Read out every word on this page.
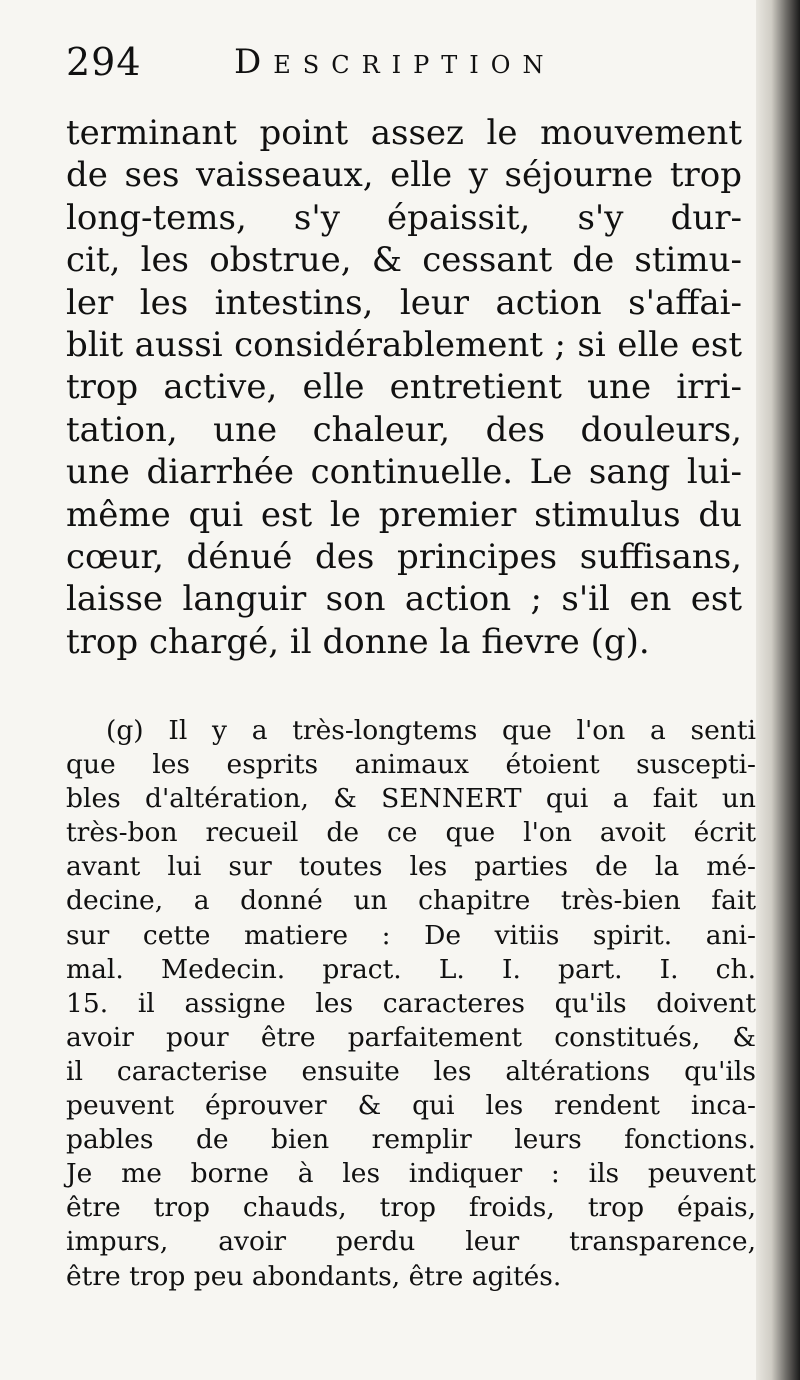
294	Description
terminant point assez le mouvement
de ses vaisseaux, elle y séjourne trop
long-tems, s'y épaissit, s'y dur-
cit, les obstrue, & cessant de stimu-
ler les intestins, leur action s'affai-
blit aussi considérablement ; si elle est
trop active, elle entretient une irri-
tation, une chaleur, des douleurs,
une diarrhée continuelle. Le sang lui-
même qui est le premier stimulus du
cœur, dénué des principes suffisans,
laisse languir son action ; s'il en est
trop chargé, il donne la fievre (g).
(g) Il y a très-longtems que l'on a senti
que les esprits animaux étoient suscepti-
bles d'altération, & SENNERT qui a fait un
très-bon recueil de ce que l'on avoit écrit
avant lui sur toutes les parties de la mé-
decine, a donné un chapitre très-bien fait
sur cette matiere : De vitiis spirit. ani-
mal. Medecin. pract. L. I. part. I. ch.
15. il assigne les caracteres qu'ils doivent
avoir pour être parfaitement constitués, &
il caracterise ensuite les altérations qu'ils
peuvent éprouver & qui les rendent inca-
pables de bien remplir leurs fonctions.
Je me borne à les indiquer : ils peuvent
être trop chauds, trop froids, trop épais,
impurs, avoir perdu leur transparence,
être trop peu abondants, être agités.
